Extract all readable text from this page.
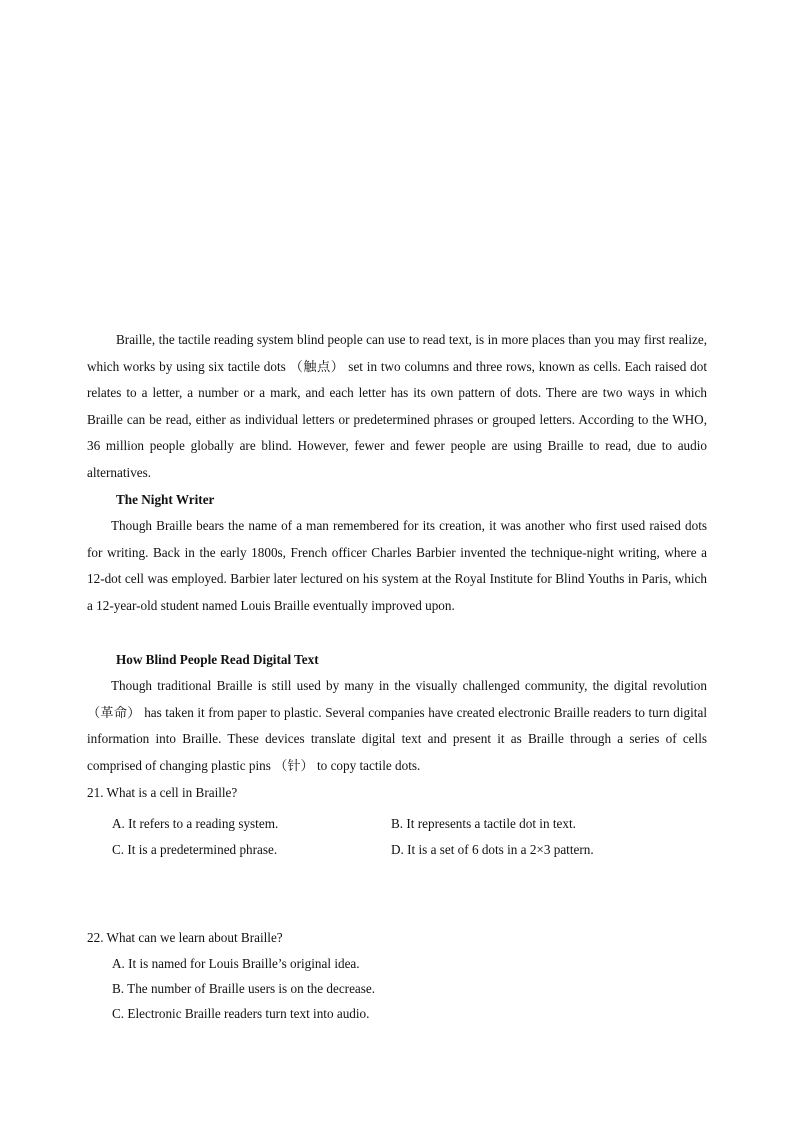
Braille, the tactile reading system blind people can use to read text, is in more places than you may first realize, which works by using six tactile dots （触点） set in two columns and three rows, known as cells. Each raised dot relates to a letter, a number or a mark, and each letter has its own pattern of dots. There are two ways in which Braille can be read, either as individual letters or predetermined phrases or grouped letters. According to the WHO, 36 million people globally are blind. However, fewer and fewer people are using Braille to read, due to audio alternatives.

The Night Writer

Though Braille bears the name of a man remembered for its creation, it was another who first used raised dots for writing. Back in the early 1800s, French officer Charles Barbier invented the technique-night writing, where a 12-dot cell was employed. Barbier later lectured on his system at the Royal Institute for Blind Youths in Paris, which a 12-year-old student named Louis Braille eventually improved upon.

How Blind People Read Digital Text

Though traditional Braille is still used by many in the visually challenged community, the digital revolution （革命） has taken it from paper to plastic. Several companies have created electronic Braille readers to turn digital information into Braille. These devices translate digital text and present it as Braille through a series of cells comprised of changing plastic pins （针） to copy tactile dots.

21. What is a cell in Braille?

A. It refers to a reading system.	B. It represents a tactile dot in text.

C. It is a predetermined phrase.	D. It is a set of 6 dots in a 2×3 pattern.

22. What can we learn about Braille?

A. It is named for Louis Braille’s original idea.

B. The number of Braille users is on the decrease.

C. Electronic Braille readers turn text into audio.
